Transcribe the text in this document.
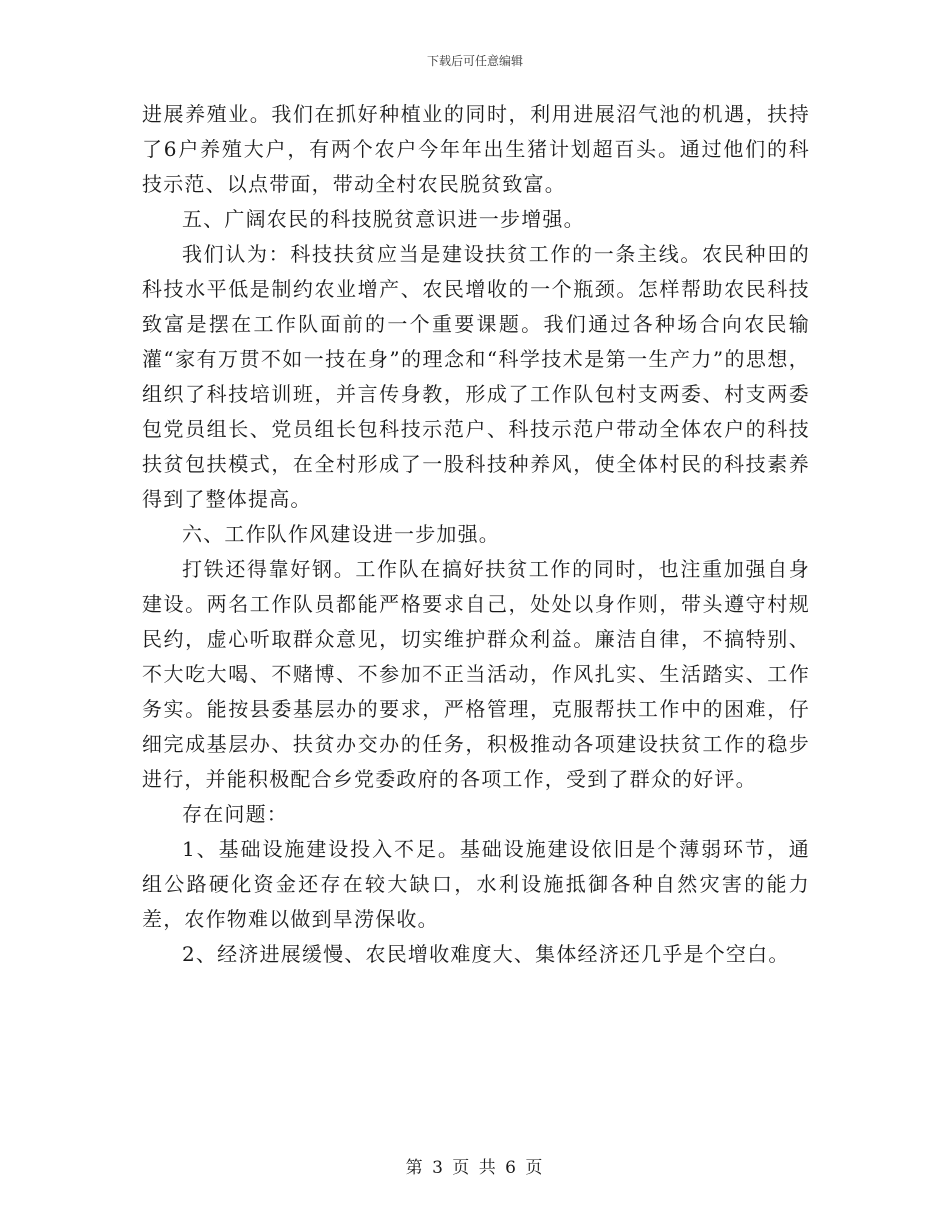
下载后可任意编辑

进展养殖业。我们在抓好种植业的同时，利用进展沼气池的机遇，扶持了6户养殖大户，有两个农户今年年出生猪计划超百头。通过他们的科技示范、以点带面，带动全村农民脱贫致富。

五、广阔农民的科技脱贫意识进一步增强。

我们认为：科技扶贫应当是建设扶贫工作的一条主线。农民种田的科技水平低是制约农业增产、农民增收的一个瓶颈。怎样帮助农民科技致富是摆在工作队面前的一个重要课题。我们通过各种场合向农民输灌“家有万贯不如一技在身”的理念和“科学技术是第一生产力”的思想，组织了科技培训班，并言传身教，形成了工作队包村支两委、村支两委包党员组长、党员组长包科技示范户、科技示范户带动全体农户的科技扶贫包扶模式，在全村形成了一股科技种养风，使全体村民的科技素养得到了整体提高。

六、工作队作风建设进一步加强。

打铁还得靠好钢。工作队在搞好扶贫工作的同时，也注重加强自身建设。两名工作队员都能严格要求自己，处处以身作则，带头遵守村规民约，虚心听取群众意见，切实维护群众利益。廉洁自律，不搞特别、不大吃大喝、不赌博、不参加不正当活动，作风扎实、生活踏实、工作务实。能按县委基层办的要求，严格管理，克服帮扶工作中的困难，仔细完成基层办、扶贫办交办的任务，积极推动各项建设扶贫工作的稳步进行，并能积极配合乡党委政府的各项工作，受到了群众的好评。

存在问题：

1、基础设施建设投入不足。基础设施建设依旧是个薄弱环节，通组公路硬化资金还存在较大缺口，水利设施抵御各种自然灾害的能力差，农作物难以做到旱涝保收。

2、经济进展缓慢、农民增收难度大、集体经济还几乎是个空白。

第 3 页 共 6 页
